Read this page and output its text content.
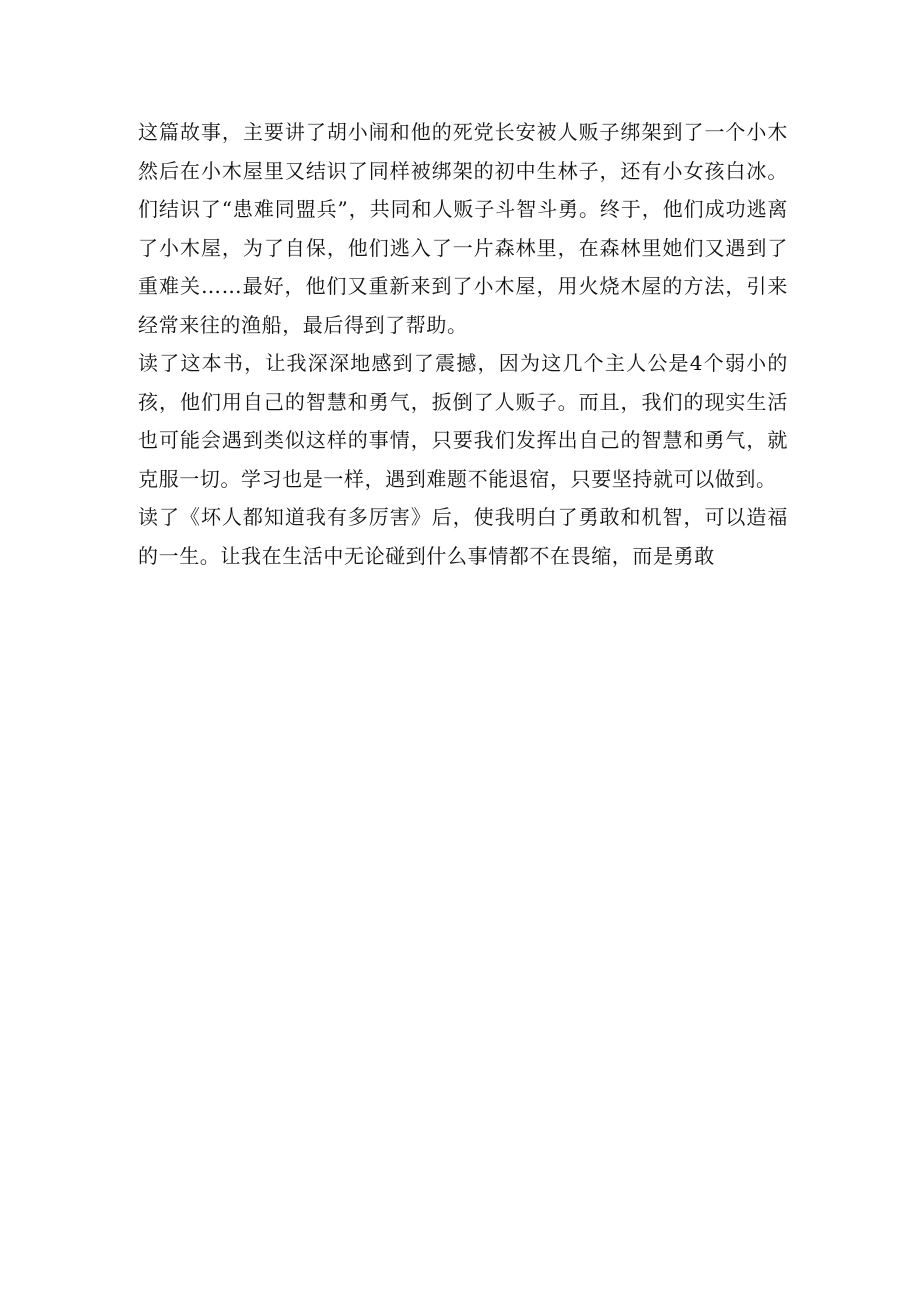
这篇故事，主要讲了胡小闹和他的死党长安被人贩子绑架到了一个小木
然后在小木屋里又结识了同样被绑架的初中生林子，还有小女孩白冰。
们结识了“患难同盟兵”，共同和人贩子斗智斗勇。终于，他们成功逃离
了小木屋，为了自保，他们逃入了一片森林里，在森林里她们又遇到了
重难关……最好，他们又重新来到了小木屋，用火烧木屋的方法，引来
经常来往的渔船，最后得到了帮助。
读了这本书，让我深深地感到了震撼，因为这几个主人公是4个弱小的
孩，他们用自己的智慧和勇气，扳倒了人贩子。而且，我们的现实生活
也可能会遇到类似这样的事情，只要我们发挥出自己的智慧和勇气，就
克服一切。学习也是一样，遇到难题不能退宿，只要坚持就可以做到。
读了《坏人都知道我有多厉害》后，使我明白了勇敢和机智，可以造福
的一生。让我在生活中无论碰到什么事情都不在畏缩，而是勇敢
